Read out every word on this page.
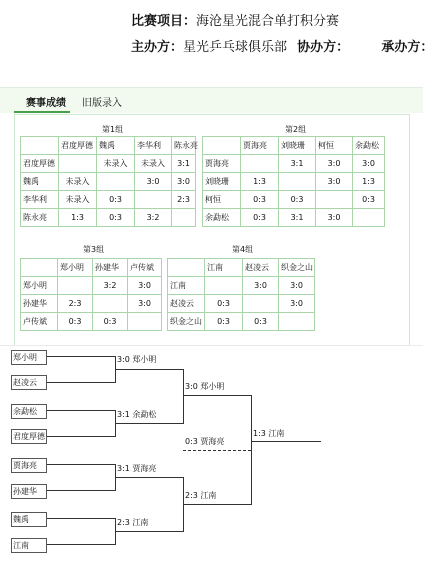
比赛项目：海沧星光混合单打积分赛
主办方：星光乒乓球俱乐部 协办方： 承办方：
赛事成绩 旧版录入
第1组
	君度厚德	魏禹	李华利	陈永亮
君度厚德		未录入	未录入	3:1
魏禹	未录入		3:0	3:0
李华利	未录入	0:3		2:3
陈永亮	1:3	0:3	3:2	
第2组
	贾海亮	刘晓珊	柯恒	余勐松
贾海亮		3:1	3:0	3:0
刘晓珊	1:3		3:0	1:3
柯恒	0:3	0:3		0:3
余勐松	0:3	3:1	3:0	
第3组
	郑小明	孙建华	卢传斌
郑小明		3:2	3:0
孙建华	2:3		3:0
卢传斌	0:3	0:3	
第4组
	江南	赵凌云	织金之山
江南		3:0	3:0
赵凌云	0:3		3:0
织金之山	0:3	0:3	
郑小明
赵凌云
余勐松
君度厚德
贾海亮
孙建华
魏禹
江南
3:0 郑小明
3:1 余勐松
3:1 贾海亮
2:3 江南
3:0 郑小明
2:3 江南
0:3 贾海亮
1:3 江南
